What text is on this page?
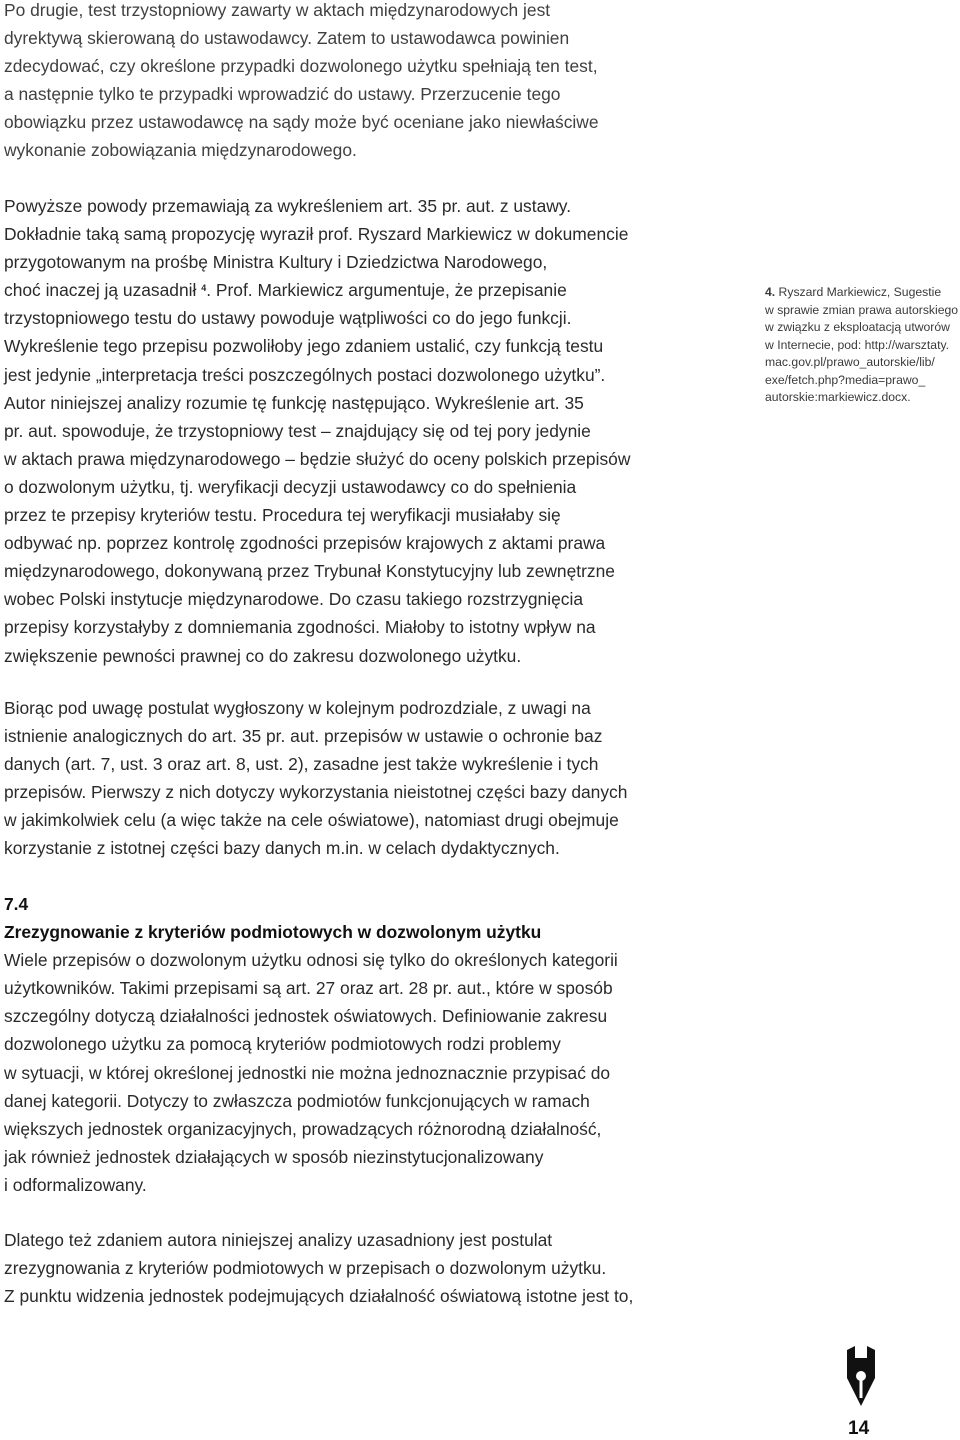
Po drugie, test trzystopniowy zawarty w aktach międzynarodowych jest
dyrektywą skierowaną do ustawodawcy. Zatem to ustawodawca powinien
zdecydować, czy określone przypadki dozwolonego użytku spełniają ten test,
a następnie tylko te przypadki wprowadzić do ustawy. Przerzucenie tego
obowiązku przez ustawodawcę na sądy może być oceniane jako niewłaściwe
wykonanie zobowiązania międzynarodowego.
Powyższe powody przemawiają za wykreśleniem art. 35 pr. aut. z ustawy.
Dokładnie taką samą propozycję wyraził prof. Ryszard Markiewicz w dokumencie
przygotowanym na prośbę Ministra Kultury i Dziedzictwa Narodowego,
choć inaczej ją uzasadnił $^4$. Prof. Markiewicz argumentuje, że przepisanie
trzystopniowego testu do ustawy powoduje wątpliwości co do jego funkcji.
Wykreślenie tego przepisu pozwoliłoby jego zdaniem ustalić, czy funkcją testu
jest jedynie „interpretacja treści poszczególnych postaci dozwolonego użytku”.
Autor niniejszej analizy rozumie tę funkcję następująco. Wykreślenie art. 35
pr. aut. spowoduje, że trzystopniowy test – znajdujący się od tej pory jedynie
w aktach prawa międzynarodowego – będzie służyć do oceny polskich przepisów
o dozwolonym użytku, tj. weryfikacji decyzji ustawodawcy co do spełnienia
przez te przepisy kryteriów testu. Procedura tej weryfikacji musiałaby się
odbywać np. poprzez kontrolę zgodności przepisów krajowych z aktami prawa
międzynarodowego, dokonywaną przez Trybunał Konstytucyjny lub zewnętrzne
wobec Polski instytucje międzynarodowe. Do czasu takiego rozstrzygnięcia
przepisy korzystałyby z domniemania zgodności. Miałoby to istotny wpływ na
zwiększenie pewności prawnej co do zakresu dozwolonego użytku.
Biorąc pod uwagę postulat wygłoszony w kolejnym podrozdziale, z uwagi na
istnienie analogicznych do art. 35 pr. aut. przepisów w ustawie o ochronie baz
danych (art. 7, ust. 3 oraz art. 8, ust. 2), zasadne jest także wykreślenie i tych
przepisów. Pierwszy z nich dotyczy wykorzystania nieistotnej części bazy danych
w jakimkolwiek celu (a więc także na cele oświatowe), natomiast drugi obejmuje
korzystanie z istotnej części bazy danych m.in. w celach dydaktycznych.
7.4
Zrezygnowanie z kryteriów podmiotowych w dozwolonym użytku
Wiele przepisów o dozwolonym użytku odnosi się tylko do określonych kategorii
użytkowników. Takimi przepisami są art. 27 oraz art. 28 pr. aut., które w sposób
szczególny dotyczą działalności jednostek oświatowych. Definiowanie zakresu
dozwolonego użytku za pomocą kryteriów podmiotowych rodzi problemy
w sytuacji, w której określonej jednostki nie można jednoznacznie przypisać do
danej kategorii. Dotyczy to zwłaszcza podmiotów funkcjonujących w ramach
większych jednostek organizacyjnych, prowadzących różnorodną działalność,
jak również jednostek działających w sposób niezinstytucjonalizowany
i odformalizowany.
Dlatego też zdaniem autora niniejszej analizy uzasadniony jest postulat
zrezygnowania z kryteriów podmiotowych w przepisach o dozwolonym użytku.
Z punktu widzenia jednostek podejmujących działalność oświatową istotne jest to,
4. Ryszard Markiewicz, Sugestie
w sprawie zmian prawa autorskiego
w związku z eksploatacją utworów
w Internecie, pod: http://warsztaty.
mac.gov.pl/prawo_autorskie/lib/
exe/fetch.php?media=prawo_
autorskie:markiewicz.docx.
14
